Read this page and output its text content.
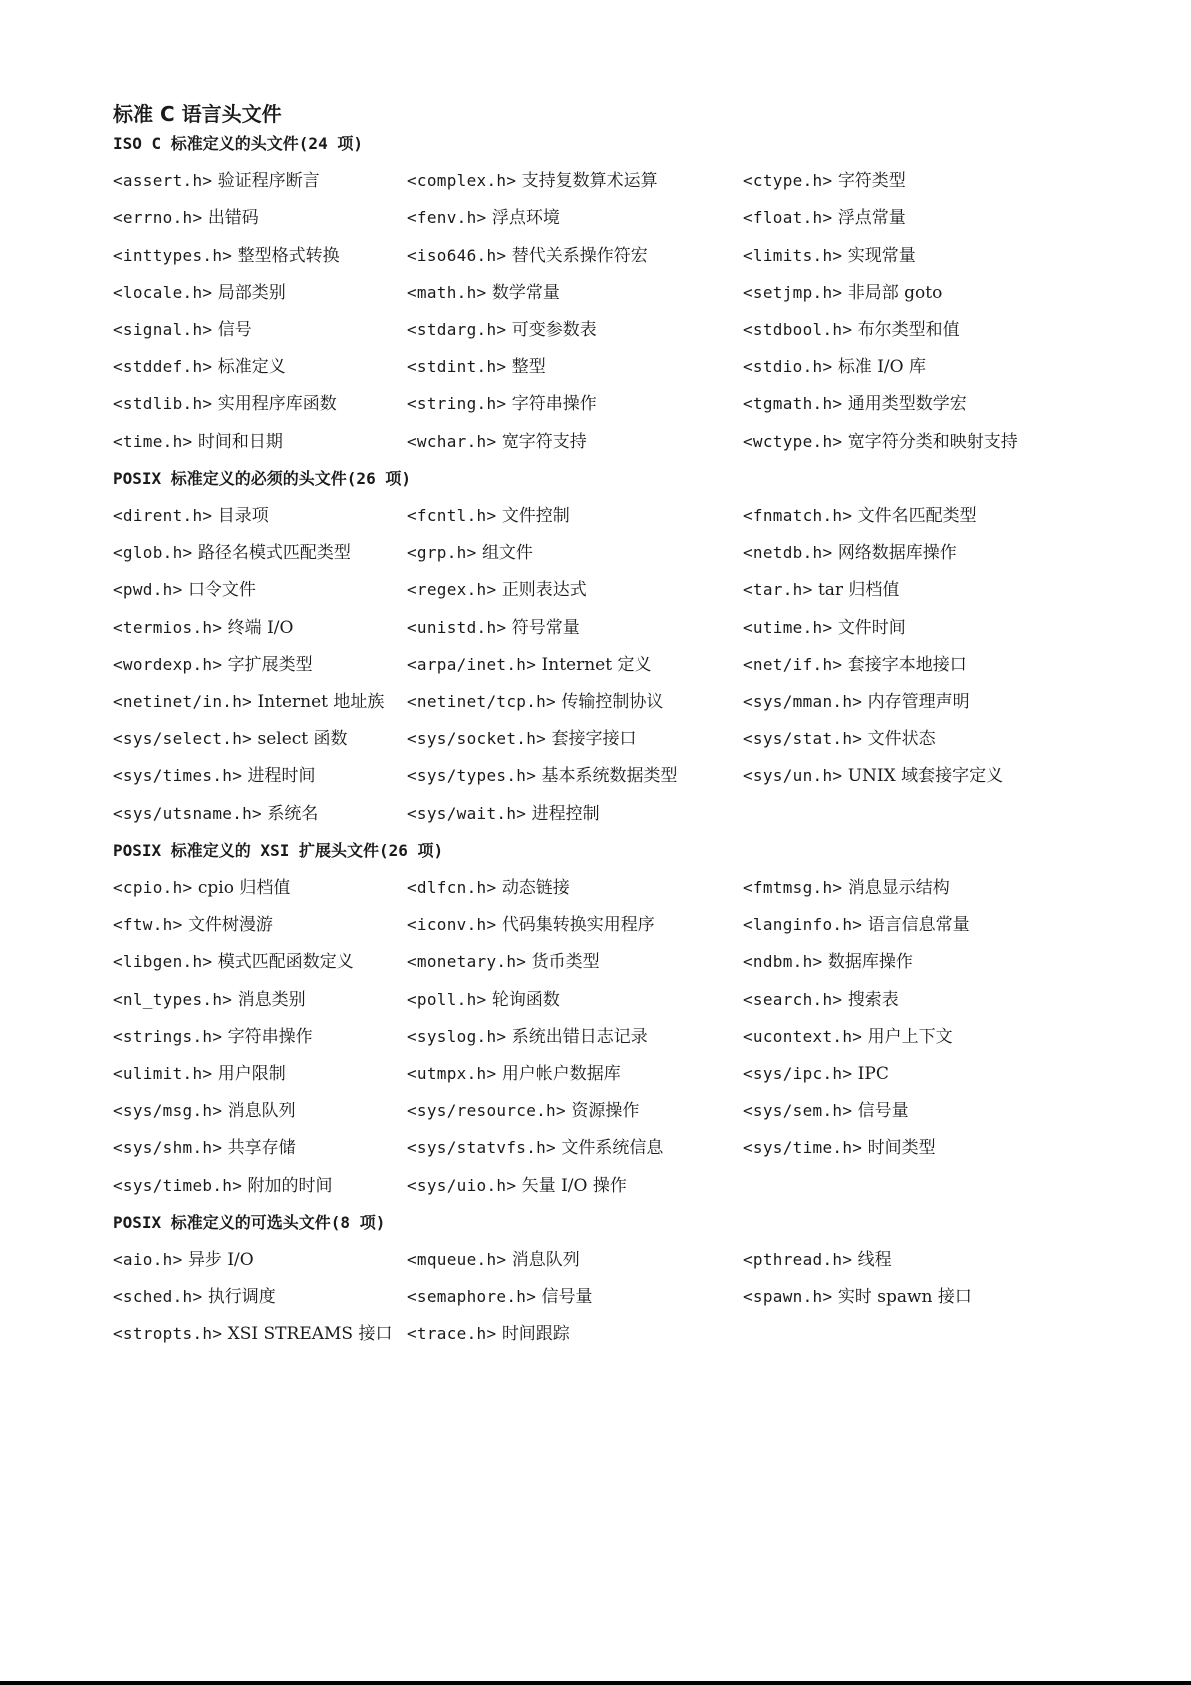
标准 C 语言头文件
ISO C 标准定义的头文件(24 项)
<assert.h> 验证程序断言	<complex.h> 支持复数算术运算	<ctype.h> 字符类型
<errno.h> 出错码	<fenv.h> 浮点环境	<float.h> 浮点常量
<inttypes.h> 整型格式转换	<iso646.h> 替代关系操作符宏	<limits.h> 实现常量
<locale.h> 局部类别	<math.h> 数学常量	<setjmp.h> 非局部 goto
<signal.h> 信号	<stdarg.h> 可变参数表	<stdbool.h> 布尔类型和值
<stddef.h> 标准定义	<stdint.h> 整型	<stdio.h> 标准 I/O 库
<stdlib.h> 实用程序库函数	<string.h> 字符串操作	<tgmath.h> 通用类型数学宏
<time.h> 时间和日期	<wchar.h> 宽字符支持	<wctype.h> 宽字符分类和映射支持
POSIX 标准定义的必须的头文件(26 项)
<dirent.h> 目录项	<fcntl.h> 文件控制	<fnmatch.h> 文件名匹配类型
<glob.h> 路径名模式匹配类型	<grp.h> 组文件	<netdb.h> 网络数据库操作
<pwd.h> 口令文件	<regex.h> 正则表达式	<tar.h> tar 归档值
<termios.h> 终端 I/O	<unistd.h> 符号常量	<utime.h> 文件时间
<wordexp.h> 字扩展类型	<arpa/inet.h> Internet 定义	<net/if.h> 套接字本地接口
<netinet/in.h> Internet 地址族 <netinet/tcp.h> 传输控制协议	<sys/mman.h> 内存管理声明
<sys/select.h> select 函数	<sys/socket.h> 套接字接口	<sys/stat.h> 文件状态
<sys/times.h> 进程时间	<sys/types.h> 基本系统数据类型	<sys/un.h> UNIX 域套接字定义
<sys/utsname.h> 系统名	<sys/wait.h> 进程控制
POSIX 标准定义的 XSI 扩展头文件(26 项)
<cpio.h> cpio 归档值	<dlfcn.h> 动态链接	<fmtmsg.h> 消息显示结构
<ftw.h> 文件树漫游	<iconv.h> 代码集转换实用程序	<langinfo.h> 语言信息常量
<libgen.h> 模式匹配函数定义	<monetary.h> 货币类型	<ndbm.h> 数据库操作
<nl_types.h> 消息类别	<poll.h> 轮询函数	<search.h> 搜索表
<strings.h> 字符串操作	<syslog.h> 系统出错日志记录	<ucontext.h> 用户上下文
<ulimit.h> 用户限制	<utmpx.h> 用户帐户数据库	<sys/ipc.h> IPC
<sys/msg.h> 消息队列	<sys/resource.h> 资源操作	<sys/sem.h> 信号量
<sys/shm.h> 共享存储	<sys/statvfs.h> 文件系统信息	<sys/time.h> 时间类型
<sys/timeb.h> 附加的时间	<sys/uio.h> 矢量 I/O 操作
POSIX 标准定义的可选头文件(8 项)
<aio.h> 异步 I/O	<mqueue.h> 消息队列	<pthread.h> 线程
<sched.h> 执行调度	<semaphore.h> 信号量	<spawn.h> 实时 spawn 接口
<stropts.h> XSI STREAMS 接口 <trace.h> 时间跟踪
